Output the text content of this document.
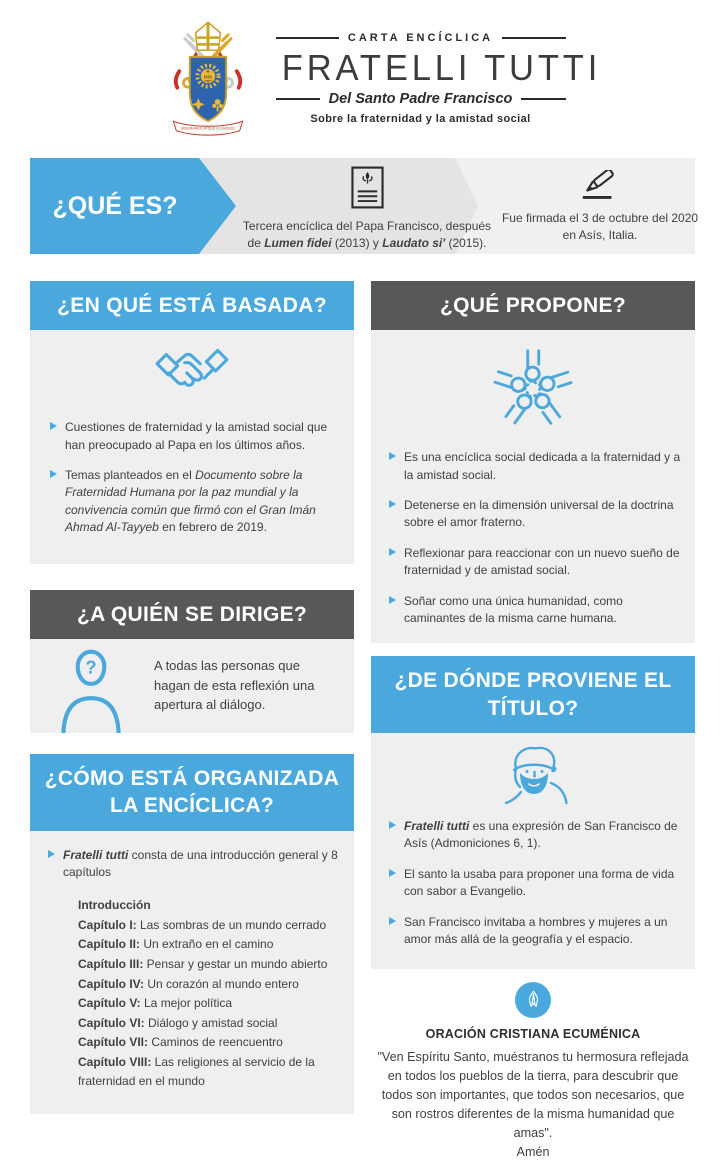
IHS
MISERANDO ATQUE ELIGENDO
CARTA ENCÍCLICA
FRATELLI TUTTI
Del Santo Padre Francisco
Sobre la fraternidad y la amistad social
¿QUÉ ES?

Tercera encíclica del Papa Francisco, después de Lumen fidei (2013) y Laudato si' (2015).

Fue firmada el 3 de octubre del 2020 en Asís, Italia.

¿EN QUÉ ESTÁ BASADA?

Cuestiones de fraternidad y la amistad social que han preocupado al Papa en los últimos años.

Temas planteados en el Documento sobre la Fraternidad Humana por la paz mundial y la convivencia común que firmó con el Gran Imán Ahmad Al-Tayyeb en febrero de 2019.

¿A QUIÉN SE DIRIGE?
?	A todas las personas que hagan de esta reflexión una apertura al diálogo.

¿CÓMO ESTÁ ORGANIZADA LA ENCÍCLICA?

Fratelli tutti consta de una introducción general y 8 capítulos

Introducción

Capítulo I: Las sombras de un mundo cerrado

Capítulo II: Un extraño en el camino

Capítulo III: Pensar y gestar un mundo abierto

Capítulo IV: Un corazón al mundo entero

Capítulo V: La mejor política

Capítulo VI: Diálogo y amistad social

Capítulo VII: Caminos de reencuentro

Capítulo VIII: Las religiones al servicio de la fraternidad en el mundo

¿QUÉ PROPONE?

Es una encíclica social dedicada a la fraternidad y a la amistad social.

Detenerse en la dimensión universal de la doctrina sobre el amor fraterno.

Reflexionar para reaccionar con un nuevo sueño de fraternidad y de amistad social.

Soñar como una única humanidad, como caminantes de la misma carne humana.

¿DE DÓNDE PROVIENE EL TÍTULO?

Fratelli tutti es una expresión de San Francisco de Asís (Admoniciones 6, 1).

El santo la usaba para proponer una forma de vida con sabor a Evangelio.

San Francisco invitaba a hombres y mujeres a un amor más allá de la geografía y el espacio.

ORACIÓN CRISTIANA ECUMÉNICA

"Ven Espíritu Santo, muéstranos tu hermosura reflejada en todos los pueblos de la tierra, para descubrir que todos son importantes, que todos son necesarios, que son rostros diferentes de la misma humanidad que amas".

Amén
